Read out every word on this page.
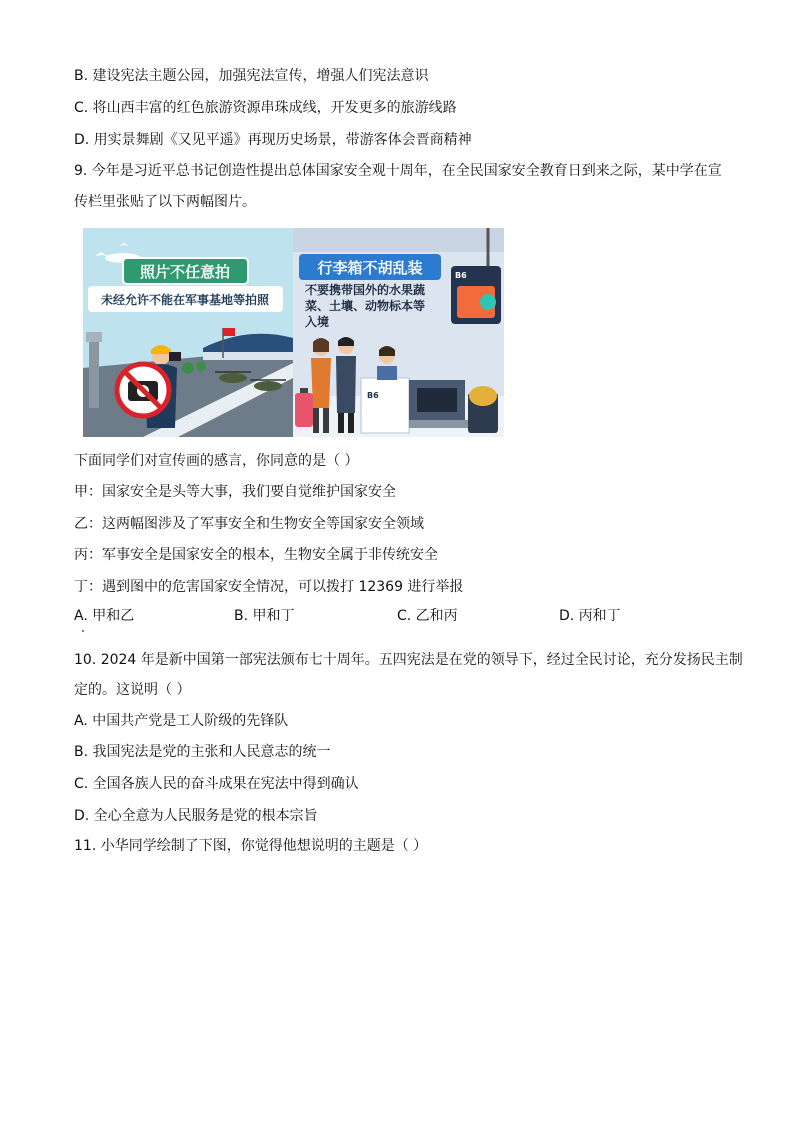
B. 建设宪法主题公园，加强宪法宣传，增强人们宪法意识
C. 将山西丰富的红色旅游资源串珠成线，开发更多的旅游线路
D. 用实景舞剧《又见平遥》再现历史场景，带游客体会晋商精神
9. 今年是习近平总书记创造性提出总体国家安全观十周年，在全民国家安全教育日到来之际，某中学在宣
传栏里张贴了以下两幅图片。
照片不任意拍
未经允许不能在军事基地等拍照
行李箱不胡乱装
不要携带国外的水果蔬
菜、土壤、动物标本等
入境
B6
B6
下面同学们对宣传画的感言，你同意的是（ ）
甲：国家安全是头等大事，我们要自觉维护国家安全
乙：这两幅图涉及了军事安全和生物安全等国家安全领域
丙：军事安全是国家安全的根本，生物安全属于非传统安全
丁：遇到图中的危害国家安全情况，可以拨打 12369 进行举报
A. 甲和乙	B. 甲和丁	C. 乙和丙	D. 丙和丁
10. 2024 年是新中国第一部宪法颁布七十周年。五四宪法是在党的领导下，经过全民讨论，充分发扬民主制
定的。这说明（ ）
A. 中国共产党是工人阶级的先锋队
B. 我国宪法是党的主张和人民意志的统一
C. 全国各族人民的奋斗成果在宪法中得到确认
D. 全心全意为人民服务是党的根本宗旨
11. 小华同学绘制了下图，你觉得他想说明的主题是（ ）
